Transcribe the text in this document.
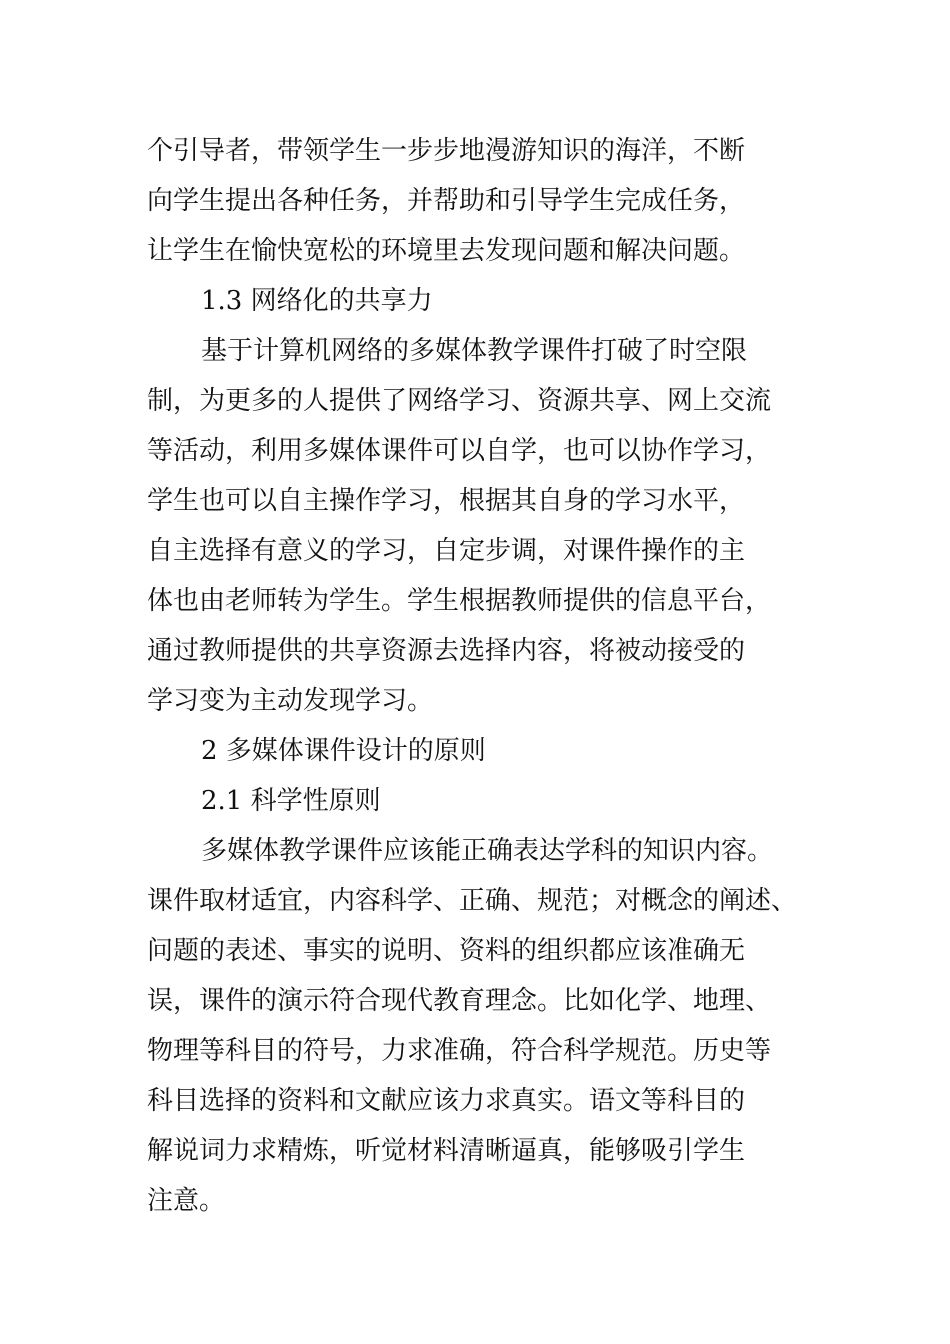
个引导者，带领学生一步步地漫游知识的海洋，不断
向学生提出各种任务，并帮助和引导学生完成任务，
让学生在愉快宽松的环境里去发现问题和解决问题。
1.3 网络化的共享力
基于计算机网络的多媒体教学课件打破了时空限
制，为更多的人提供了网络学习、资源共享、网上交流
等活动，利用多媒体课件可以自学，也可以协作学习，
学生也可以自主操作学习，根据其自身的学习水平，
自主选择有意义的学习，自定步调，对课件操作的主
体也由老师转为学生。学生根据教师提供的信息平台，
通过教师提供的共享资源去选择内容，将被动接受的
学习变为主动发现学习。
2 多媒体课件设计的原则
2.1 科学性原则
多媒体教学课件应该能正确表达学科的知识内容。
课件取材适宜，内容科学、正确、规范；对概念的阐述、
问题的表述、事实的说明、资料的组织都应该准确无
误，课件的演示符合现代教育理念。比如化学、地理、
物理等科目的符号，力求准确，符合科学规范。历史等
科目选择的资料和文献应该力求真实。语文等科目的
解说词力求精炼，听觉材料清晰逼真，能够吸引学生
注意。
